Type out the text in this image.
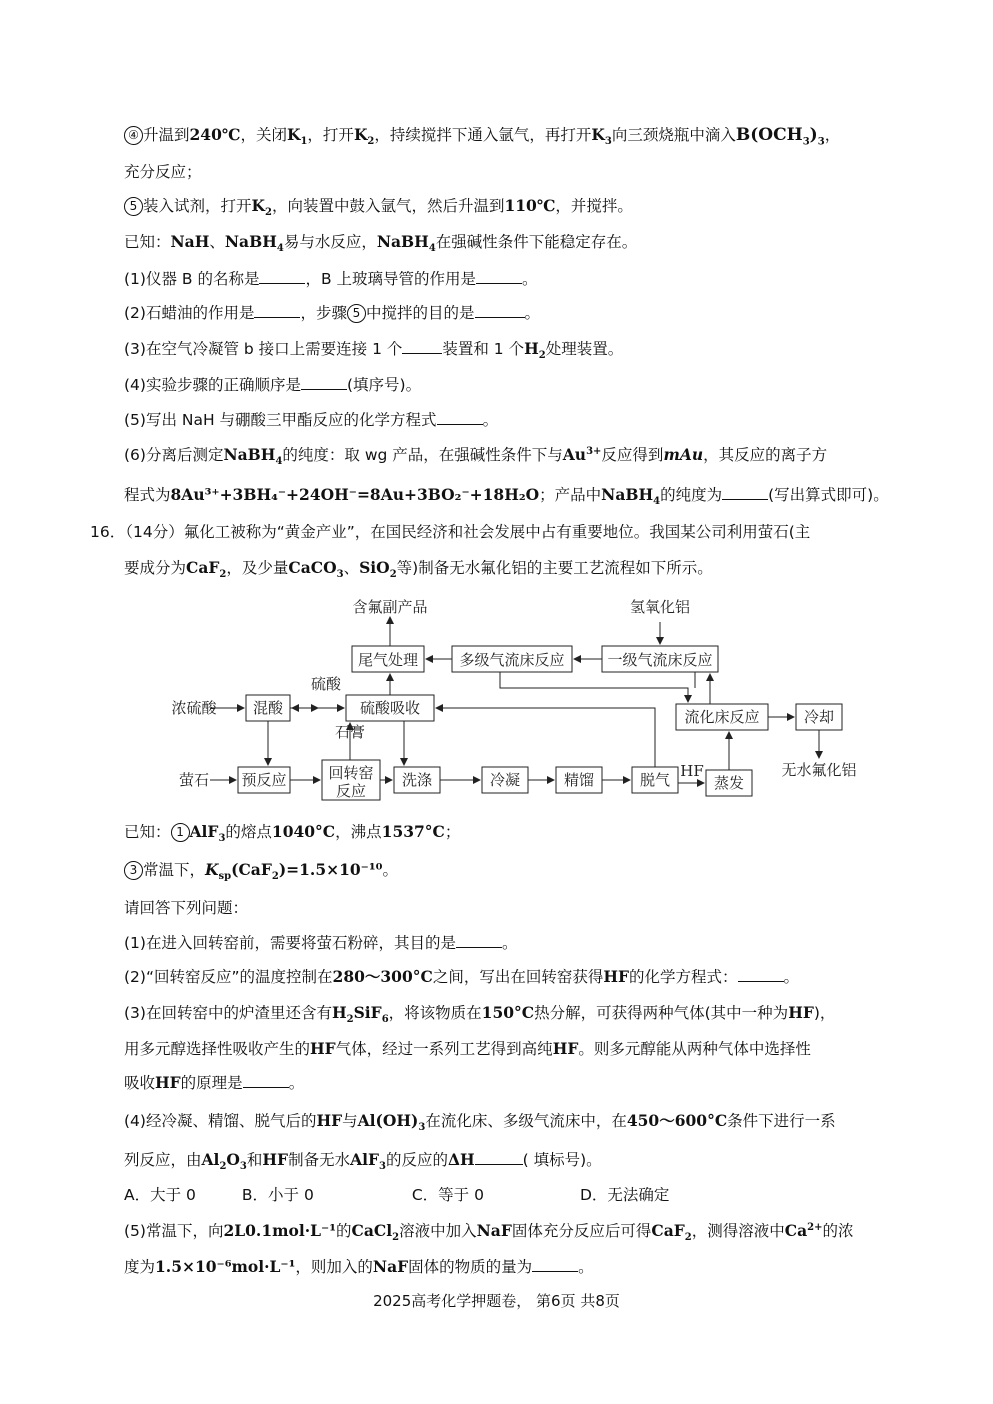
④ 升温到240℃，关闭$K_1$，打开$K_2$，持续搅拌下通入氩气，再打开$K_3$向三颈烧瓶中滴入$B(OCH_3)_3$，
充分反应；
5 装入试剂，打开$K_2$，向装置中鼓入氩气，然后升温到110℃，并搅拌。
已知：NaH、NaBH$_4$易与水反应，NaBH$_4$在强碱性条件下能稳定存在。
(1)仪器 B 的名称是	，B 上玻璃导管的作用是	。
(2)石蜡油的作用是	，步骤 5 中搅拌的目的是	。
(3)在空气冷凝管 b 接口上需要连接 1 个	装置和 1 个$H_2$处理装置。
(4)实验步骤的正确顺序是	(填序号)。
(5)写出 NaH 与硼酸三甲酯反应的化学方程式	。
(6)分离后测定NaBH$_4$的纯度：取 wg 产品，在强碱性条件下与$Au^{3+}$反应得到mAu，其反应的离子方
程式为8Au³⁺+3BH₄⁻+24OH⁻=8Au+3BO₂⁻+18H₂O；产品中NaBH$_4$的纯度为	(写出算式即可)。
16．（14分）氟化工被称为“黄金产业”，在国民经济和社会发展中占有重要地位。我国某公司利用萤石(主
要成分为CaF$_2$，及少量CaCO$_3$、SiO$_2$等)制备无水氟化铝的主要工艺流程如下所示。
含氟副产品	氢氧化铝
尾气处理	多级气流床反应	一级气流床反应
浓硫酸 混酸
硫酸
硫酸吸收	流化床反应	冷却
石膏
萤石 预反应	回转窑
反应
洗涤	冷凝	精馏	脱气 HF
蒸发
无水氟化铝
已知： 1 AlF$_3$的熔点1040°C，沸点1537°C；
3 常温下，$K_{sp}(CaF_2)=1.5\times 10^{-10}$。
请回答下列问题：
(1)在进入回转窑前，需要将萤石粉碎，其目的是	。
(2)“回转窑反应”的温度控制在280～300°C之间，写出在回转窑获得HF的化学方程式：	。
(3)在回转窑中的炉渣里还含有$H_2SiF_6$，将该物质在150°C热分解，可获得两种气体(其中一种为HF)，
用多元醇选择性吸收产生的HF气体，经过一系列工艺得到高纯HF。则多元醇能从两种气体中选择性
吸收HF的原理是	。
(4)经冷凝、精馏、脱气后的HF与$Al(OH)_3$在流化床、多级气流床中，在450～600°C条件下进行一系
列反应，由$Al_2O_3$和HF制备无水AlF$_3$的反应的ΔH	( 填标号)。
A．大于 0	B．小于 0	C．等于 0	D．无法确定
(5)常温下，向2L0.1mol·L⁻¹的CaCl$_2$溶液中加入NaF固体充分反应后可得CaF$_2$，测得溶液中$Ca^{2+}$的浓
度为1.5×10⁻⁶mol·L⁻¹，则加入的NaF固体的物质的量为	。
2025高考化学押题卷， 第6页 共8页
